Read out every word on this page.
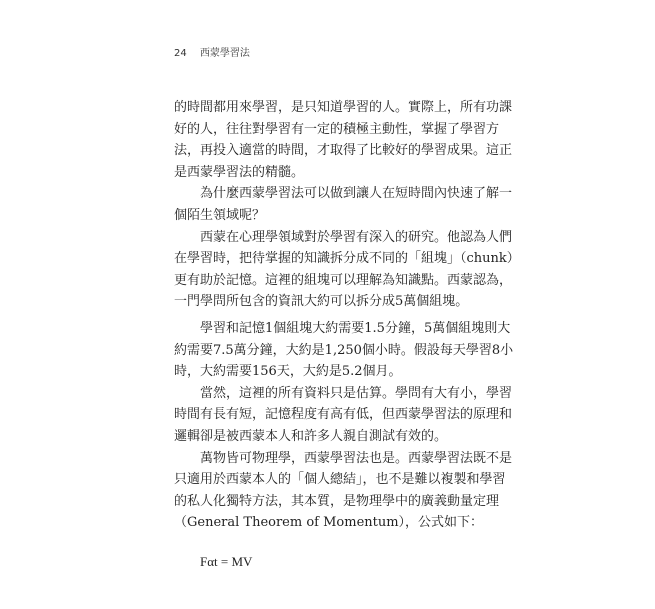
24 西蒙學習法
的時間都用來學習，是只知道學習的人。實際上，所有功課
好的人，往往對學習有一定的積極主動性，掌握了學習方
法，再投入適當的時間，才取得了比較好的學習成果。這正
是西蒙學習法的精髓。
為什麼西蒙學習法可以做到讓人在短時間內快速了解一
個陌生領域呢？
西蒙在心理學領域對於學習有深入的研究。他認為人們
在學習時，把待掌握的知識拆分成不同的「組塊」（chunk）
更有助於記憶。這裡的組塊可以理解為知識點。西蒙認為，
一門學問所包含的資訊大約可以拆分成5萬個組塊。
學習和記憶1個組塊大約需要1.5分鐘，5萬個組塊則大
約需要7.5萬分鐘，大約是1,250個小時。假設每天學習8小
時，大約需要156天，大約是5.2個月。
當然，這裡的所有資料只是估算。學問有大有小，學習
時間有長有短，記憶程度有高有低，但西蒙學習法的原理和
邏輯卻是被西蒙本人和許多人親自測試有效的。
萬物皆可物理學，西蒙學習法也是。西蒙學習法既不是
只適用於西蒙本人的「個人總結」，也不是難以複製和學習
的私人化獨特方法，其本質，是物理學中的廣義動量定理
（General Theorem of Momentum），公式如下：
Fαt = MV
